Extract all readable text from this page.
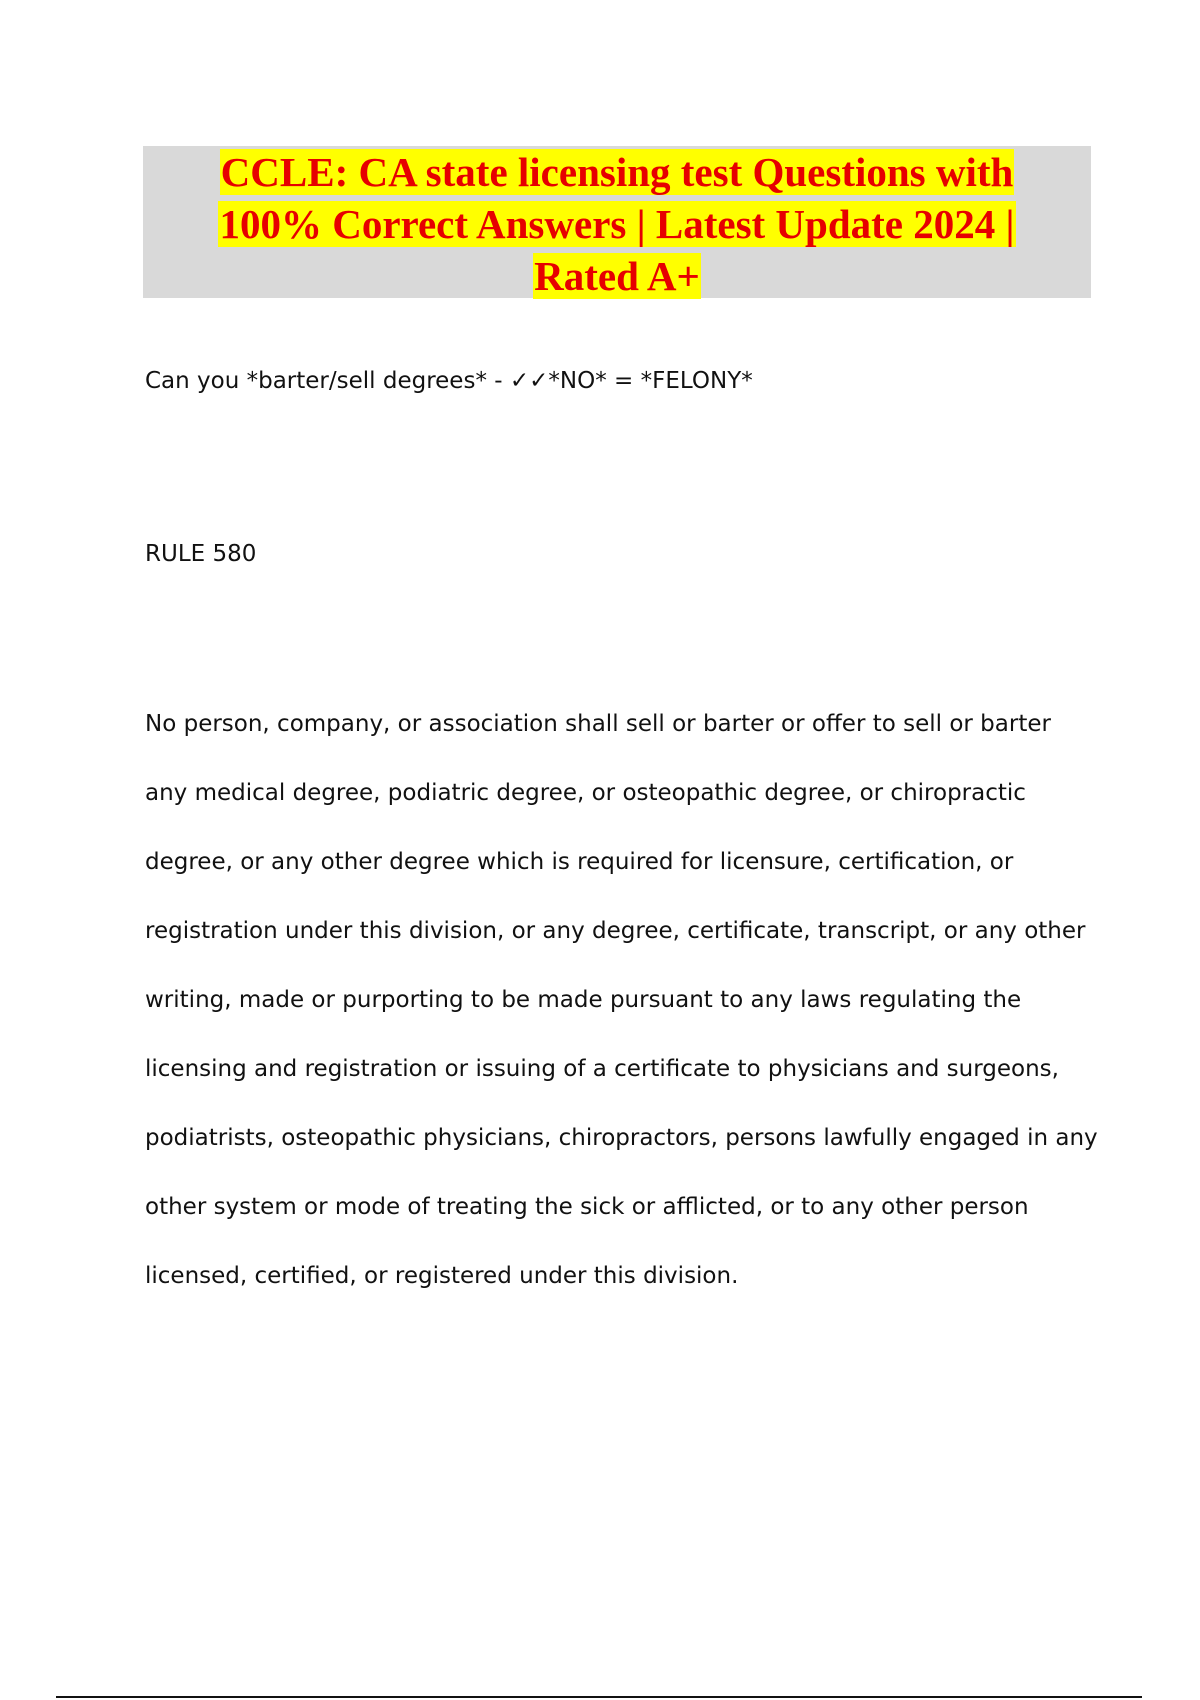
CCLE: CA state licensing test Questions with
100% Correct Answers | Latest Update 2024 |
Rated A+
Can you *barter/sell degrees* - ✓✓*NO* = *FELONY*
RULE 580
No person, company, or association shall sell or barter or offer to sell or barter
any medical degree, podiatric degree, or osteopathic degree, or chiropractic
degree, or any other degree which is required for licensure, certification, or
registration under this division, or any degree, certificate, transcript, or any other
writing, made or purporting to be made pursuant to any laws regulating the
licensing and registration or issuing of a certificate to physicians and surgeons,
podiatrists, osteopathic physicians, chiropractors, persons lawfully engaged in any
other system or mode of treating the sick or afflicted, or to any other person
licensed, certified, or registered under this division.
